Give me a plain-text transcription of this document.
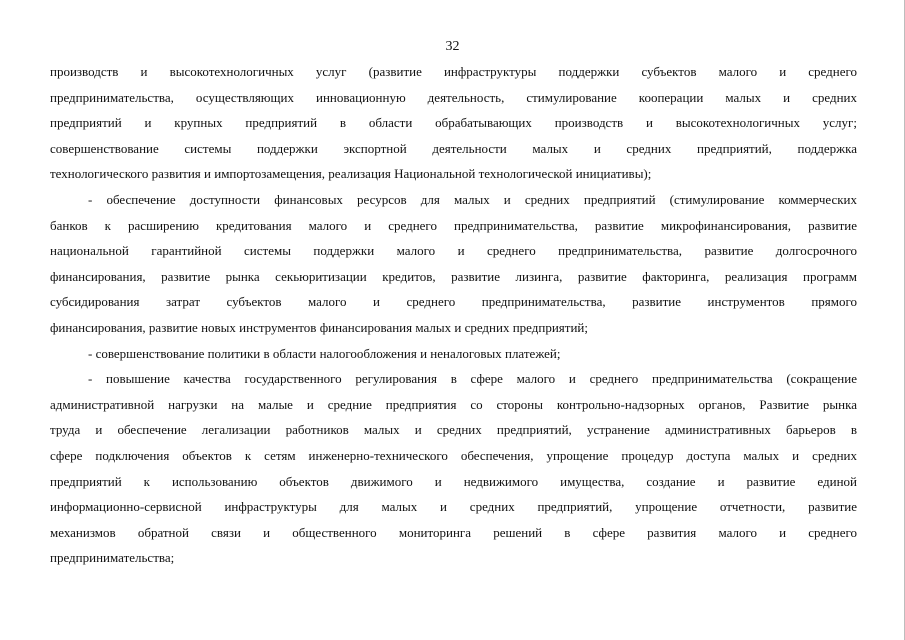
32
производств и высокотехнологичных услуг (развитие инфраструктуры поддержки субъектов малого и среднего
предпринимательства, осуществляющих инновационную деятельность, стимулирование кооперации малых и средних
предприятий и крупных предприятий в области обрабатывающих производств и высокотехнологичных услуг;
совершенствование системы поддержки экспортной деятельности малых и средних предприятий, поддержка
технологического развития и импортозамещения, реализация Национальной технологической инициативы);
- обеспечение доступности финансовых ресурсов для малых и средних предприятий (стимулирование коммерческих
банков к расширению кредитования малого и среднего предпринимательства, развитие микрофинансирования, развитие
национальной гарантийной системы поддержки малого и среднего предпринимательства, развитие долгосрочного
финансирования, развитие рынка секьюритизации кредитов, развитие лизинга, развитие факторинга, реализация программ
субсидирования затрат субъектов малого и среднего предпринимательства, развитие инструментов прямого
финансирования, развитие новых инструментов финансирования малых и средних предприятий;
- совершенствование политики в области налогообложения и неналоговых платежей;
- повышение качества государственного регулирования в сфере малого и среднего предпринимательства (сокращение
административной нагрузки на малые и средние предприятия со стороны контрольно-надзорных органов, Развитие рынка
труда и обеспечение легализации работников малых и средних предприятий, устранение административных барьеров в
сфере подключения объектов к сетям инженерно-технического обеспечения, упрощение процедур доступа малых и средних
предприятий к использованию объектов движимого и недвижимого имущества, создание и развитие единой
информационно-сервисной инфраструктуры для малых и средних предприятий, упрощение отчетности, развитие
механизмов обратной связи и общественного мониторинга решений в сфере развития малого и среднего
предпринимательства;
